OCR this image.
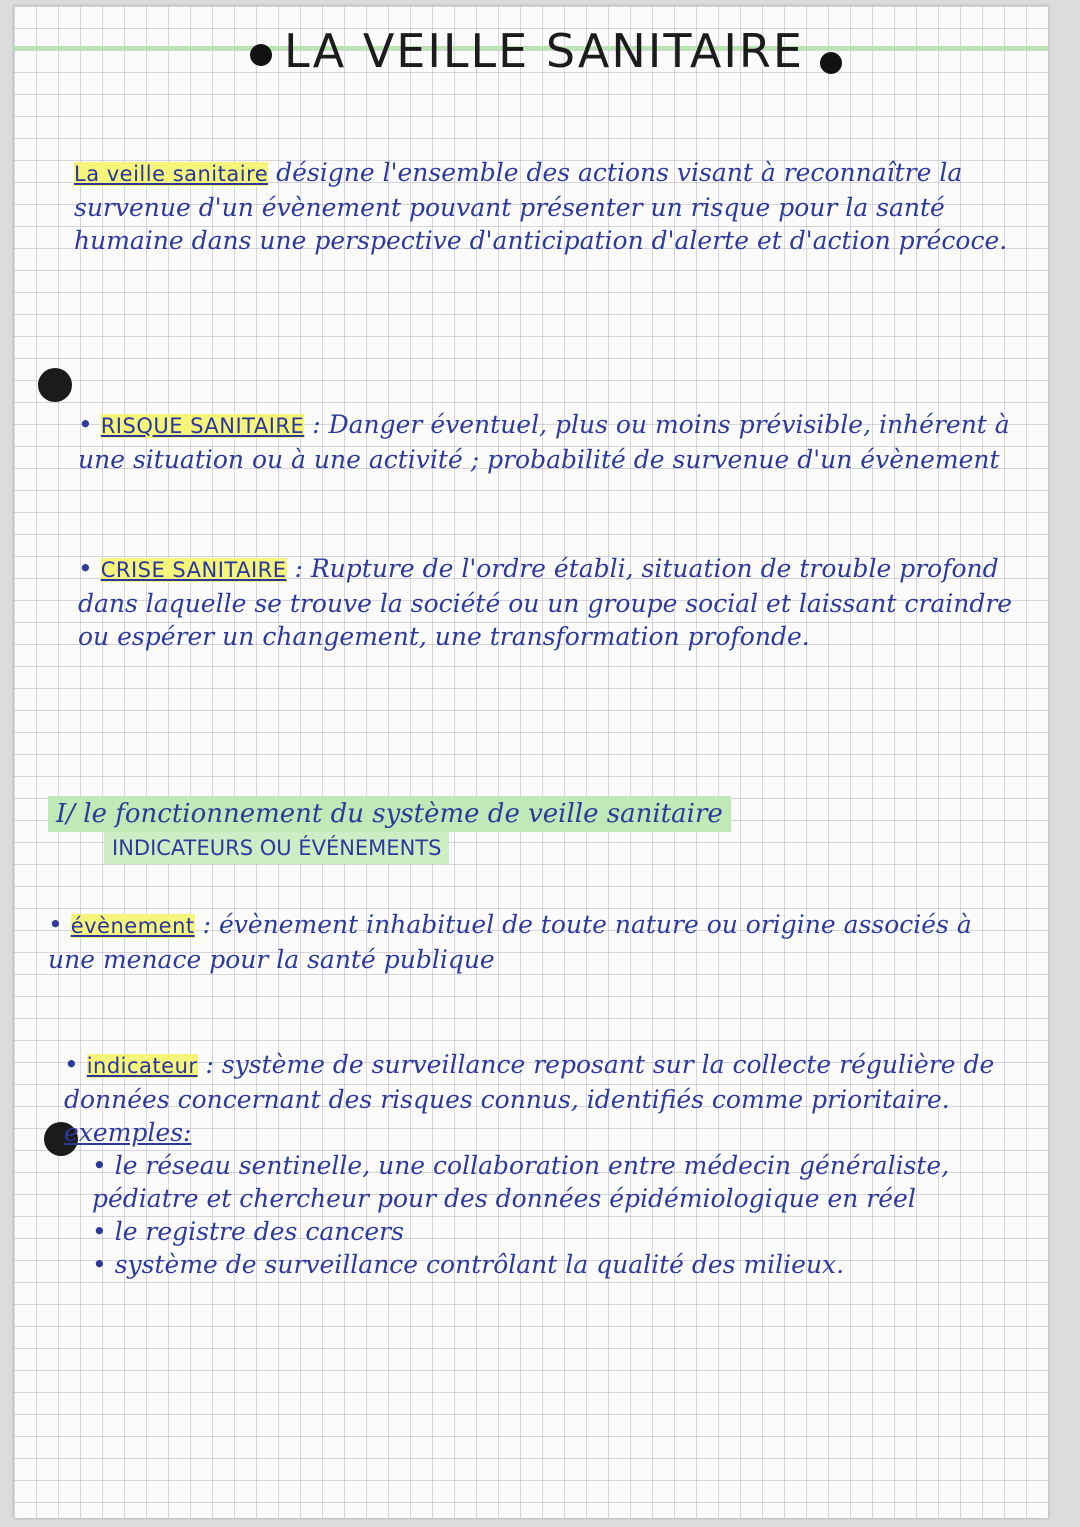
LA VEILLE SANITAIRE
La veille sanitaire désigne l'ensemble des actions visant à reconnaître la survenue d'un évènement pouvant présenter un risque pour la santé humaine dans une perspective d'anticipation d'alerte et d'action précoce.
• RISQUE SANITAIRE : Danger éventuel, plus ou moins prévisible, inhérent à une situation ou à une activité ; probabilité de survenue d'un évènement
• CRISE SANITAIRE : Rupture de l'ordre établi, situation de trouble profond dans laquelle se trouve la société ou un groupe social et laissant craindre ou espérer un changement, une transformation profonde.
I/ le fonctionnement du système de veille sanitaire
INDICATEURS OU ÉVÉNEMENTS
• évènement : évènement inhabituel de toute nature ou origine associés à une menace pour la santé publique
• indicateur : système de surveillance reposant sur la collecte régulière de données concernant des risques connus, identifiés comme prioritaire.
exemples:
• le réseau sentinelle, une collaboration entre médecin généraliste, pédiatre et chercheur pour des données épidémiologique en réel
• le registre des cancers
• système de surveillance contrôlant la qualité des milieux.
